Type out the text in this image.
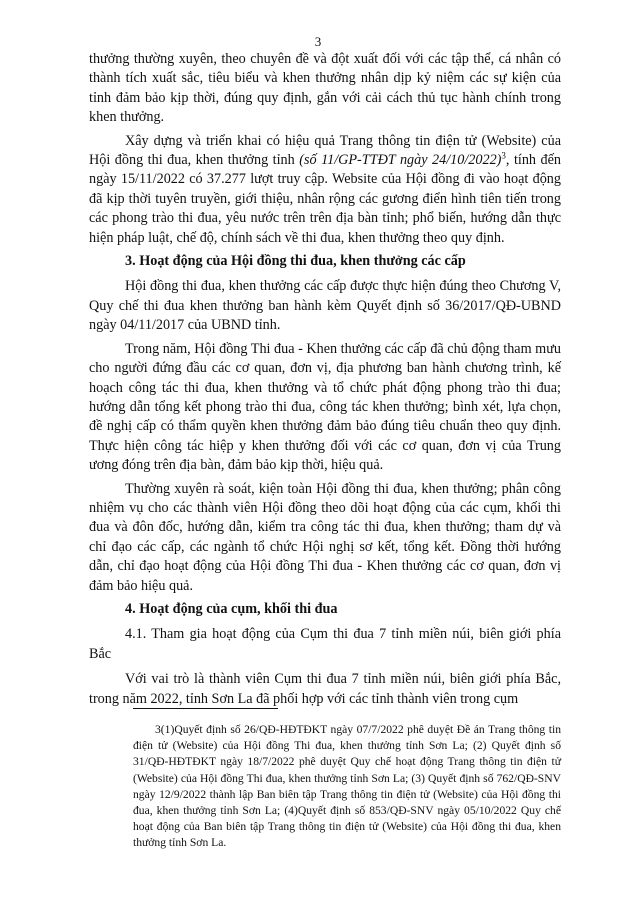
3

thưởng thường xuyên, theo chuyên đề và đột xuất đối với các tập thể, cá nhân có thành tích xuất sắc, tiêu biểu và khen thưởng nhân dịp kỷ niệm các sự kiện của tỉnh đảm bảo kịp thời, đúng quy định, gắn với cải cách thủ tục hành chính trong khen thưởng.

Xây dựng và triển khai có hiệu quả Trang thông tin điện tử (Website) của Hội đồng thi đua, khen thưởng tỉnh (số 11/GP-TTĐT ngày 24/10/2022)$^3$, tính đến ngày 15/11/2022 có 37.277 lượt truy cập. Website của Hội đồng đi vào hoạt động đã kịp thời tuyên truyền, giới thiệu, nhân rộng các gương điển hình tiên tiến trong các phong trào thi đua, yêu nước trên trên địa bàn tỉnh; phổ biến, hướng dẫn thực hiện pháp luật, chế độ, chính sách về thi đua, khen thưởng theo quy định.

3. Hoạt động của Hội đồng thi đua, khen thưởng các cấp

Hội đồng thi đua, khen thưởng các cấp được thực hiện đúng theo Chương V, Quy chế thi đua khen thưởng ban hành kèm Quyết định số 36/2017/QĐ-UBND ngày 04/11/2017 của UBND tỉnh.

Trong năm, Hội đồng Thi đua - Khen thưởng các cấp đã chủ động tham mưu cho người đứng đầu các cơ quan, đơn vị, địa phương ban hành chương trình, kế hoạch công tác thi đua, khen thưởng và tổ chức phát động phong trào thi đua; hướng dẫn tổng kết phong trào thi đua, công tác khen thưởng; bình xét, lựa chọn, đề nghị cấp có thẩm quyền khen thưởng đảm bảo đúng tiêu chuẩn theo quy định. Thực hiện công tác hiệp y khen thưởng đối với các cơ quan, đơn vị của Trung ương đóng trên địa bàn, đảm bảo kịp thời, hiệu quả.

Thường xuyên rà soát, kiện toàn Hội đồng thi đua, khen thưởng; phân công nhiệm vụ cho các thành viên Hội đồng theo dõi hoạt động của các cụm, khối thi đua và đôn đốc, hướng dẫn, kiểm tra công tác thi đua, khen thưởng; tham dự và chỉ đạo các cấp, các ngành tổ chức Hội nghị sơ kết, tổng kết. Đồng thời hướng dẫn, chỉ đạo hoạt động của Hội đồng Thi đua - Khen thưởng các cơ quan, đơn vị đảm bảo hiệu quả.

4. Hoạt động của cụm, khối thi đua

4.1. Tham gia hoạt động của Cụm thi đua 7 tỉnh miền núi, biên giới phía Bắc

Với vai trò là thành viên Cụm thi đua 7 tỉnh miền núi, biên giới phía Bắc, trong năm 2022, tỉnh Sơn La đã phối hợp với các tỉnh thành viên trong cụm

3(1)Quyết định số 26/QĐ-HĐTĐKT ngày 07/7/2022 phê duyệt Đề án Trang thông tin điện tử (Website) của Hội đồng Thi đua, khen thưởng tỉnh Sơn La; (2) Quyết định số 31/QĐ-HĐTĐKT ngày 18/7/2022 phê duyệt Quy chế hoạt động Trang thông tin điện tử (Website) của Hội đồng Thi đua, khen thưởng tỉnh Sơn La; (3) Quyết định số 762/QĐ-SNV ngày 12/9/2022 thành lập Ban biên tập Trang thông tin điện tử (Website) của Hội đồng thi đua, khen thưởng tỉnh Sơn La; (4)Quyết định số 853/QĐ-SNV ngày 05/10/2022 Quy chế hoạt động của Ban biên tập Trang thông tin điện tử (Website) của Hội đồng thi đua, khen thưởng tỉnh Sơn La.
